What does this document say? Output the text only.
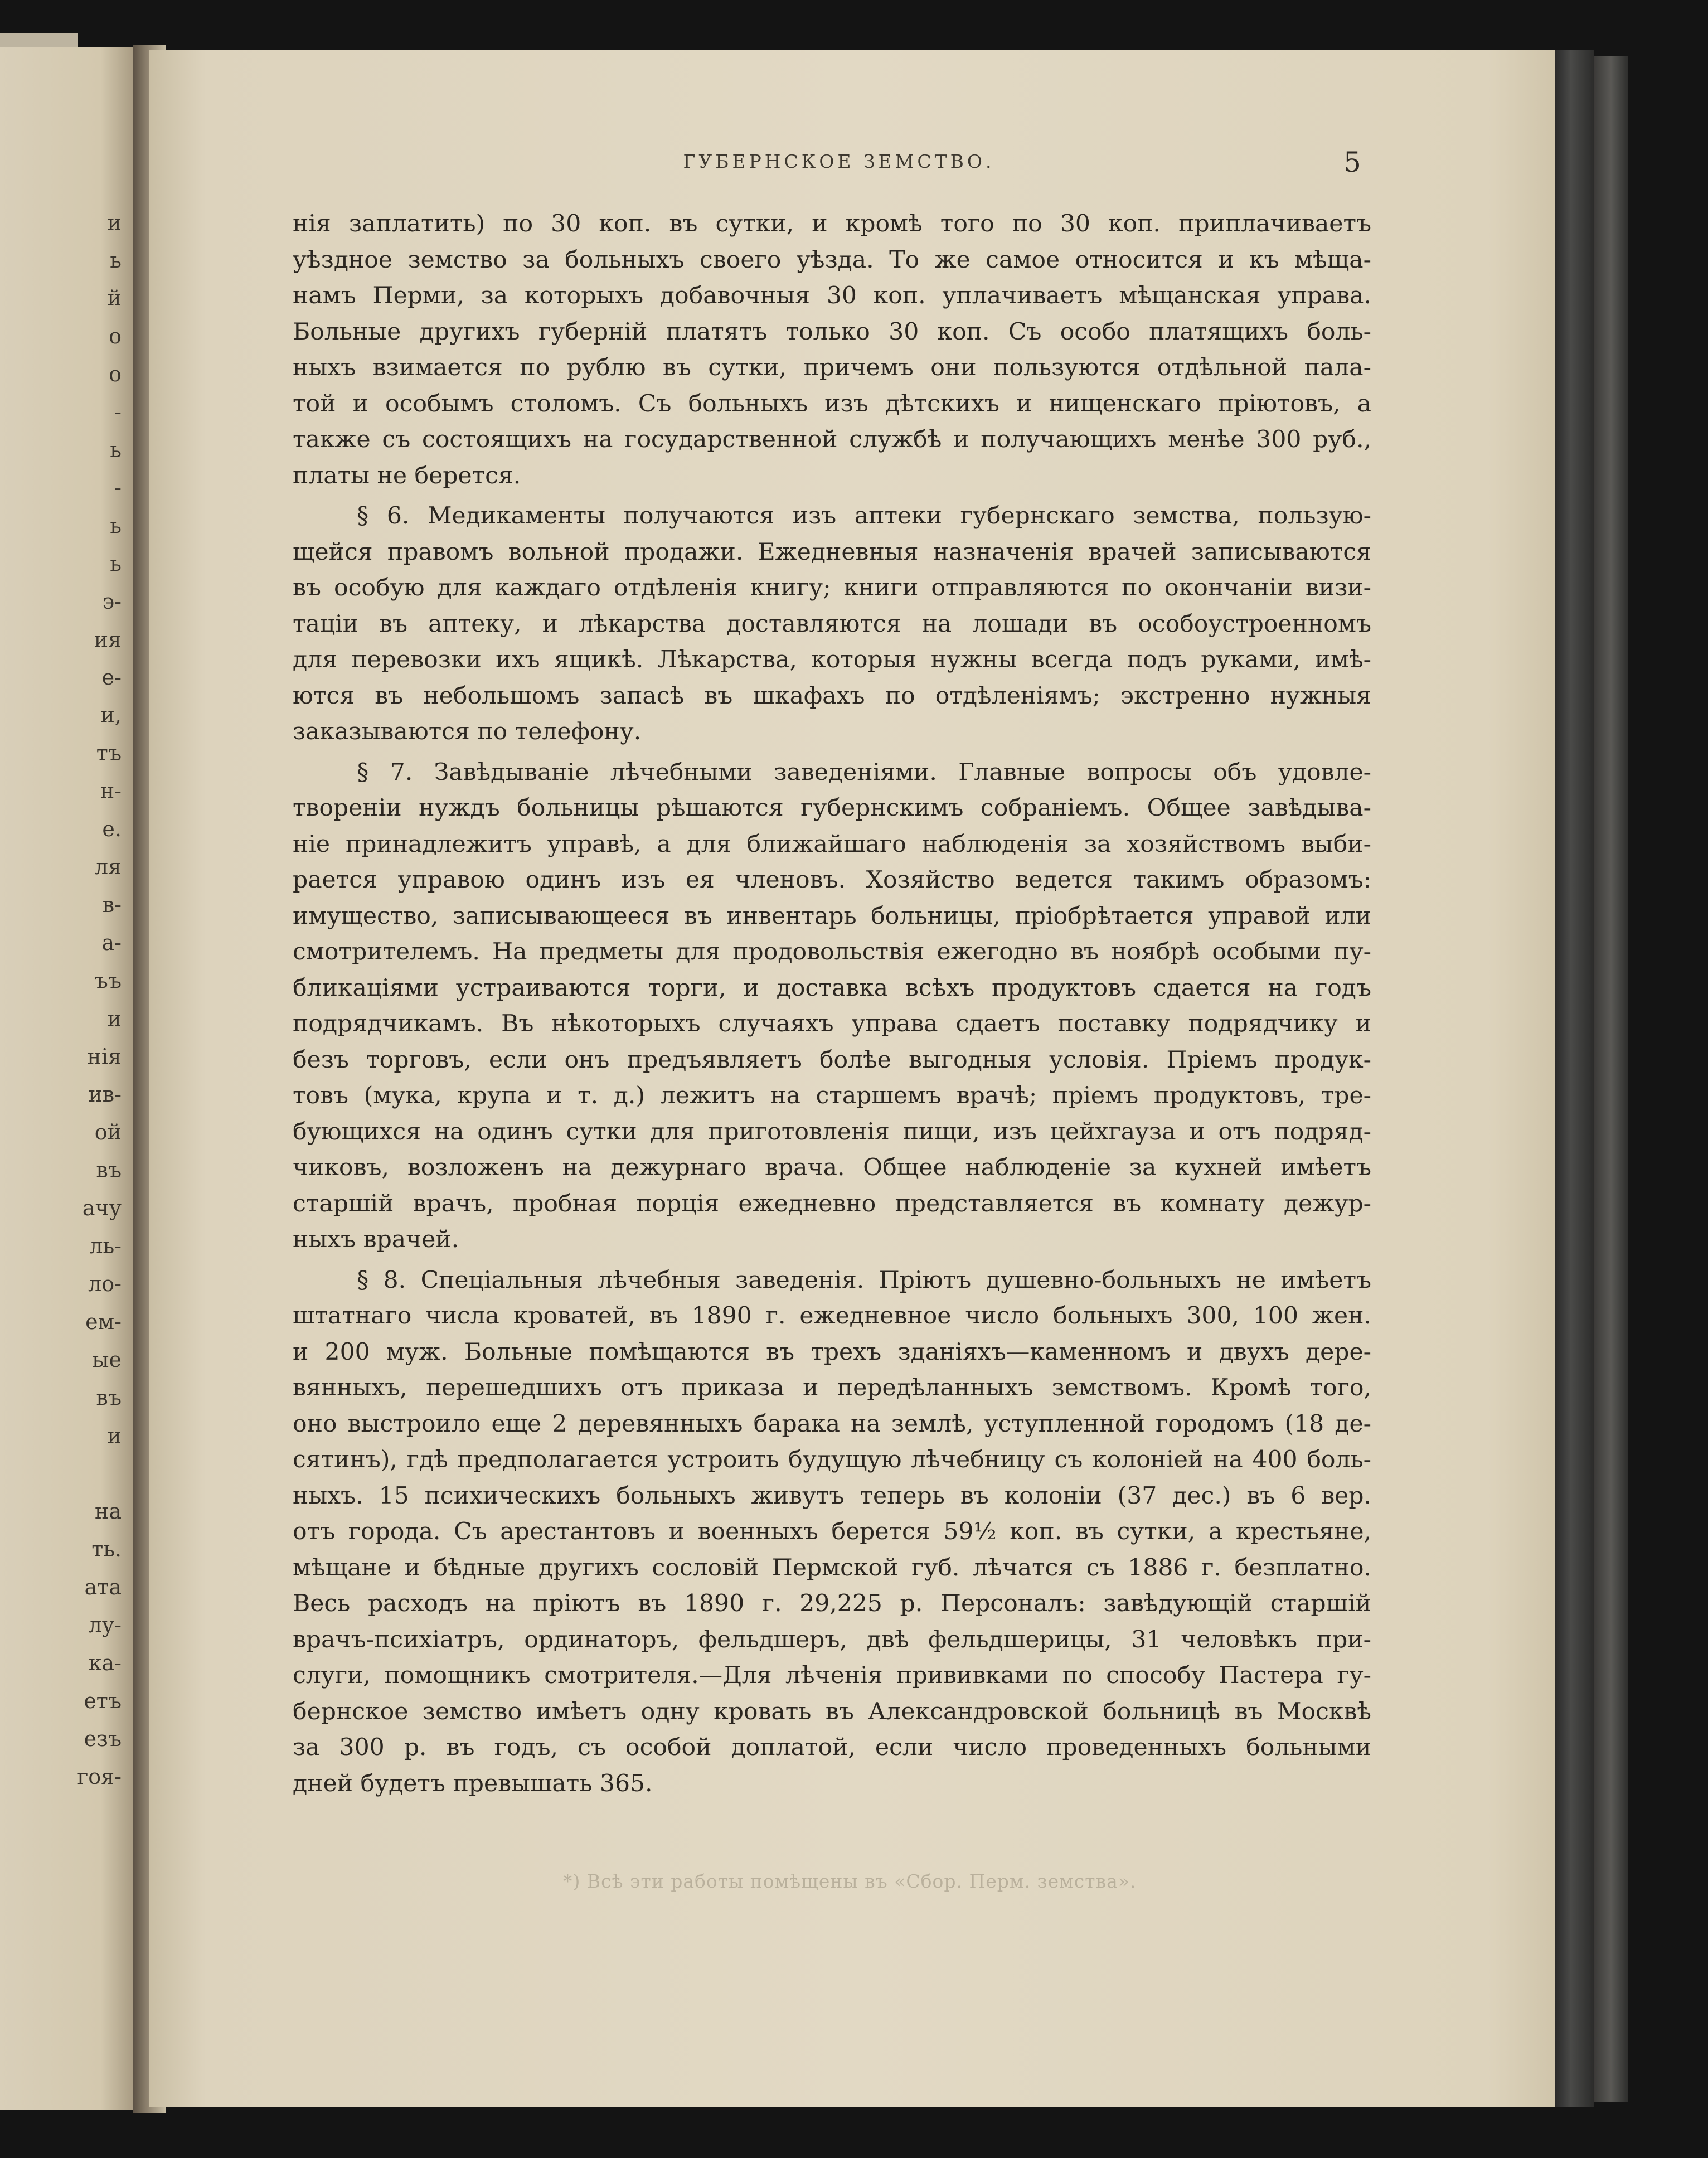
и
ь
й
о
о
-
ь
-
ь
ь
э-
ия
е-
и,
тъ
н-
е.
ля
в-
а-
ъъ
и
нія
ив-
ой
въ
ачу
ль-
ло-
ем-
ые
въ
и
на
ть.
ата
лу-
ка-
етъ
езъ
гоя-
ГУБЕРНСКОЕ ЗЕМСТВО.	5
нія заплатить) по 30 коп. въ сутки, и кромѣ того по 30 коп. приплачиваетъ
уѣздное земство за больныхъ своего уѣзда. То же самое относится и къ мѣща-
намъ Перми, за которыхъ добавочныя 30 коп. уплачиваетъ мѣщанская управа.
Больные другихъ губерній платятъ только 30 коп. Съ особо платящихъ боль-
ныхъ взимается по рублю въ сутки, причемъ они пользуются отдѣльной пала-
той и особымъ столомъ. Съ больныхъ изъ дѣтскихъ и нищенскаго пріютовъ, а
также съ состоящихъ на государственной службѣ и получающихъ менѣе 300 руб.,
платы не берется.
§ 6. Медикаменты получаются изъ аптеки губернскаго земства, пользую-
щейся правомъ вольной продажи. Ежедневныя назначенія врачей записываются
въ особую для каждаго отдѣленія книгу; книги отправляются по окончаніи визи-
таціи въ аптеку, и лѣкарства доставляются на лошади въ особоустроенномъ
для перевозки ихъ ящикѣ. Лѣкарства, которыя нужны всегда подъ руками, имѣ-
ются въ небольшомъ запасѣ въ шкафахъ по отдѣленіямъ; экстренно нужныя
заказываются по телефону.
§ 7. Завѣдываніе лѣчебными заведеніями. Главные вопросы объ удовле-
твореніи нуждъ больницы рѣшаются губернскимъ собраніемъ. Общее завѣдыва-
ніе принадлежитъ управѣ, а для ближайшаго наблюденія за хозяйствомъ выби-
рается управою одинъ изъ ея членовъ. Хозяйство ведется такимъ образомъ:
имущество, записывающееся въ инвентарь больницы, пріобрѣтается управой или
смотрителемъ. На предметы для продовольствія ежегодно въ ноябрѣ особыми пу-
бликаціями устраиваются торги, и доставка всѣхъ продуктовъ сдается на годъ
подрядчикамъ. Въ нѣкоторыхъ случаяхъ управа сдаетъ поставку подрядчику и
безъ торговъ, если онъ предъявляетъ болѣе выгодныя условія. Пріемъ продук-
товъ (мука, крупа и т. д.) лежитъ на старшемъ врачѣ; пріемъ продуктовъ, тре-
бующихся на одинъ сутки для приготовленія пищи, изъ цейхгауза и отъ подряд-
чиковъ, возложенъ на дежурнаго врача. Общее наблюденіе за кухней имѣетъ
старшій врачъ, пробная порція ежедневно представляется въ комнату дежур-
ныхъ врачей.
§ 8. Спеціальныя лѣчебныя заведенія. Пріютъ душевно-больныхъ не имѣетъ
штатнаго числа кроватей, въ 1890 г. ежедневное число больныхъ 300, 100 жен.
и 200 муж. Больные помѣщаются въ трехъ зданіяхъ—каменномъ и двухъ дере-
вянныхъ, перешедшихъ отъ приказа и передѣланныхъ земствомъ. Кромѣ того,
оно выстроило еще 2 деревянныхъ барака на землѣ, уступленной городомъ (18 де-
сятинъ), гдѣ предполагается устроить будущую лѣчебницу съ колоніей на 400 боль-
ныхъ. 15 психическихъ больныхъ живутъ теперь въ колоніи (37 дес.) въ 6 вер.
отъ города. Съ арестантовъ и военныхъ берется 59½ коп. въ сутки, а крестьяне,
мѣщане и бѣдные другихъ сословій Пермской губ. лѣчатся съ 1886 г. безплатно.
Весь расходъ на пріютъ въ 1890 г. 29,225 р. Персоналъ: завѣдующій старшій
врачъ-психіатръ, ординаторъ, фельдшеръ, двѣ фельдшерицы, 31 человѣкъ при-
слуги, помощникъ смотрителя.—Для лѣченія прививками по способу Пастера гу-
бернское земство имѣетъ одну кровать въ Александровской больницѣ въ Москвѣ
за 300 р. въ годъ, съ особой доплатой, если число проведенныхъ больными
дней будетъ превышать 365.
*) Всѣ эти работы помѣщены въ «Сбор. Перм. земства».
